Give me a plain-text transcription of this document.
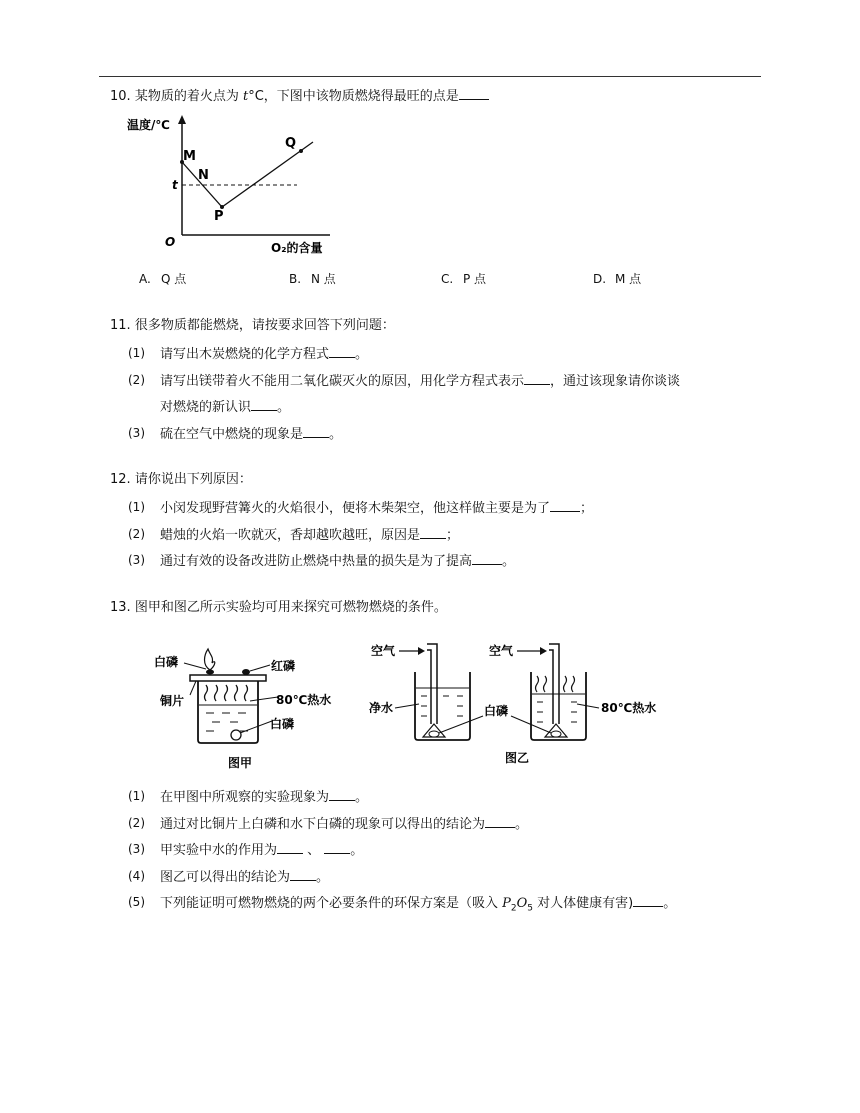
10. 某物质的着火点为 t°C，下图中该物质燃烧得最旺的点是
温度/℃
O₂的含量
O
t
M
N
P
Q
A. Q 点	B. N 点	C. P 点	D. M 点
11. 很多物质都能燃烧，请按要求回答下列问题：
(1) 请写出木炭燃烧的化学方程式 。
(2) 请写出镁带着火不能用二氧化碳灭火的原因，用化学方程式表示 ，通过该现象请你谈谈
对燃烧的新认识 。
(3) 硫在空气中燃烧的现象是 。
12. 请你说出下列原因：
(1) 小闵发现野营篝火的火焰很小，便将木柴架空，他这样做主要是为了 ；
(2) 蜡烛的火焰一吹就灭，香却越吹越旺，原因是 ；
(3) 通过有效的设备改进防止燃烧中热量的损失是为了提高 。
13. 图甲和图乙所示实验均可用来探究可燃物燃烧的条件。
白磷	红磷
铜片	80℃热水
白磷
图甲
空气
净水
空气
80℃热水
白磷
图乙
(1) 在甲图中所观察的实验现象为 。
(2) 通过对比铜片上白磷和水下白磷的现象可以得出的结论为 。
(3) 甲实验中水的作用为 、 。
(4) 图乙可以得出的结论为 。
(5) 下列能证明可燃物燃烧的两个必要条件的环保方案是（吸入 $P_2O_5$ 对人体健康有害) 。
